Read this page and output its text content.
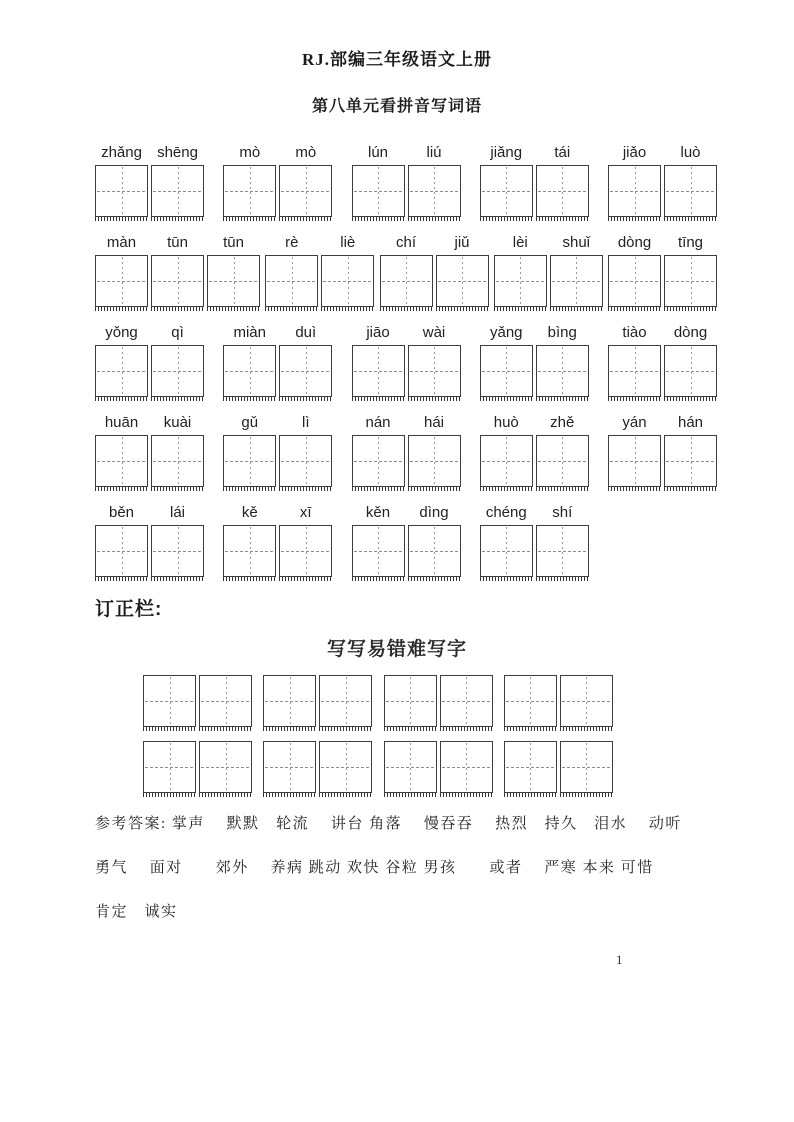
RJ.部编三年级语文上册
第八单元看拼音写词语
zhǎng	shēng	mò	mò	lún	liú	jiǎng	tái	jiǎo	luò
màn	tūn	tūn	rè	liè	chí	jiǔ	lèi	shuǐ	dòng	tīng
yǒng	qì	miàn	duì	jiāo	wài	yǎng	bìng	tiào	dòng
huān	kuài	gǔ	lì	nán	hái	huò	zhě	yán	hán
běn	lái	kě	xī	kěn	dìng	chéng	shí
订正栏:
写写易错难写字

参考答案: 掌声　 默默　轮流　 讲台 角落　 慢吞吞　 热烈　持久　泪水　 动听

勇气　 面对　　郊外　 养病 跳动 欢快 谷粒 男孩　　或者　 严寒 本来 可惜

肯定　诚实

1
